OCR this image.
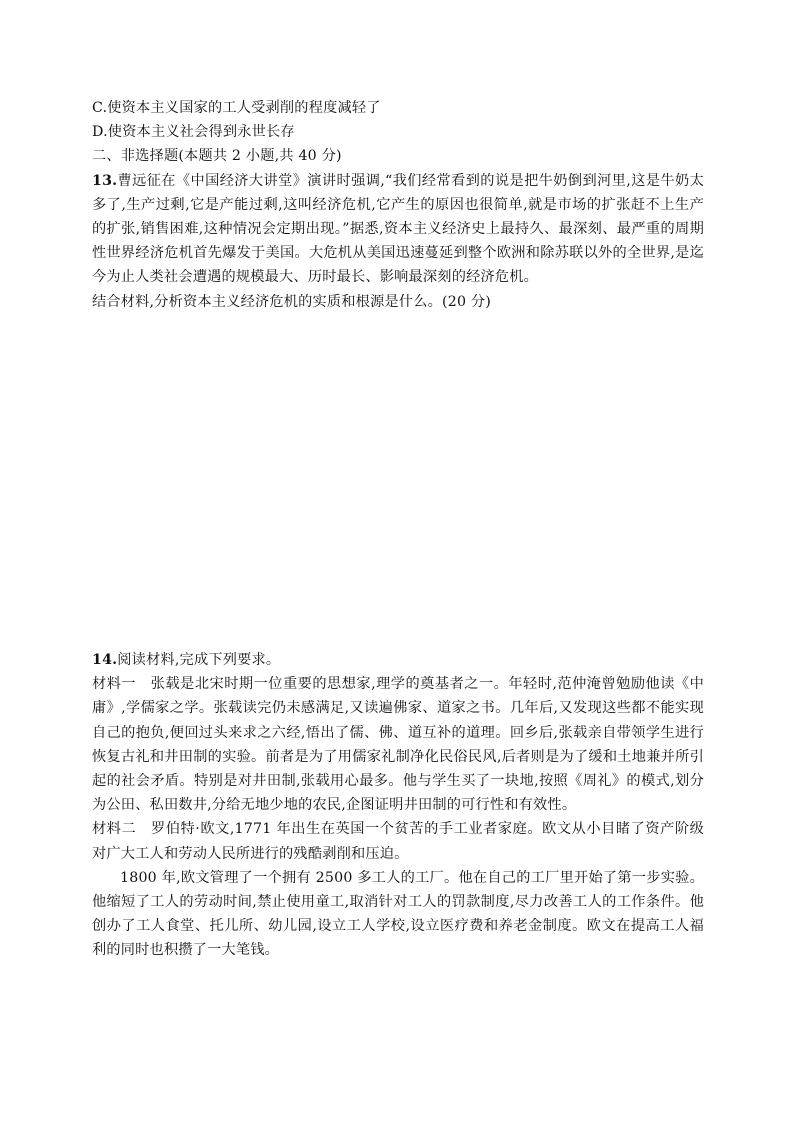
C.使资本主义国家的工人受剥削的程度减轻了

D.使资本主义社会得到永世长存

二、非选择题(本题共 2 小题,共 40 分)

13.曹远征在《中国经济大讲堂》演讲时强调,“我们经常看到的说是把牛奶倒到河里,这是牛奶太多了,生产过剩,它是产能过剩,这叫经济危机,它产生的原因也很简单,就是市场的扩张赶不上生产的扩张,销售困难,这种情况会定期出现。”据悉,资本主义经济史上最持久、最深刻、最严重的周期性世界经济危机首先爆发于美国。大危机从美国迅速蔓延到整个欧洲和除苏联以外的全世界,是迄今为止人类社会遭遇的规模最大、历时最长、影响最深刻的经济危机。

结合材料,分析资本主义经济危机的实质和根源是什么。(20 分)

14.阅读材料,完成下列要求。

材料一　张载是北宋时期一位重要的思想家,理学的奠基者之一。年轻时,范仲淹曾勉励他读《中庸》,学儒家之学。张载读完仍未感满足,又读遍佛家、道家之书。几年后,又发现这些都不能实现自己的抱负,便回过头来求之六经,悟出了儒、佛、道互补的道理。回乡后,张载亲自带领学生进行恢复古礼和井田制的实验。前者是为了用儒家礼制净化民俗民风,后者则是为了缓和土地兼并所引起的社会矛盾。特别是对井田制,张载用心最多。他与学生买了一块地,按照《周礼》的模式,划分为公田、私田数井,分给无地少地的农民,企图证明井田制的可行性和有效性。

材料二　罗伯特·欧文,1771 年出生在英国一个贫苦的手工业者家庭。欧文从小目睹了资产阶级对广大工人和劳动人民所进行的残酷剥削和压迫。

1800 年,欧文管理了一个拥有 2500 多工人的工厂。他在自己的工厂里开始了第一步实验。他缩短了工人的劳动时间,禁止使用童工,取消针对工人的罚款制度,尽力改善工人的工作条件。他创办了工人食堂、托儿所、幼儿园,设立工人学校,设立医疗费和养老金制度。欧文在提高工人福利的同时也积攒了一大笔钱。
